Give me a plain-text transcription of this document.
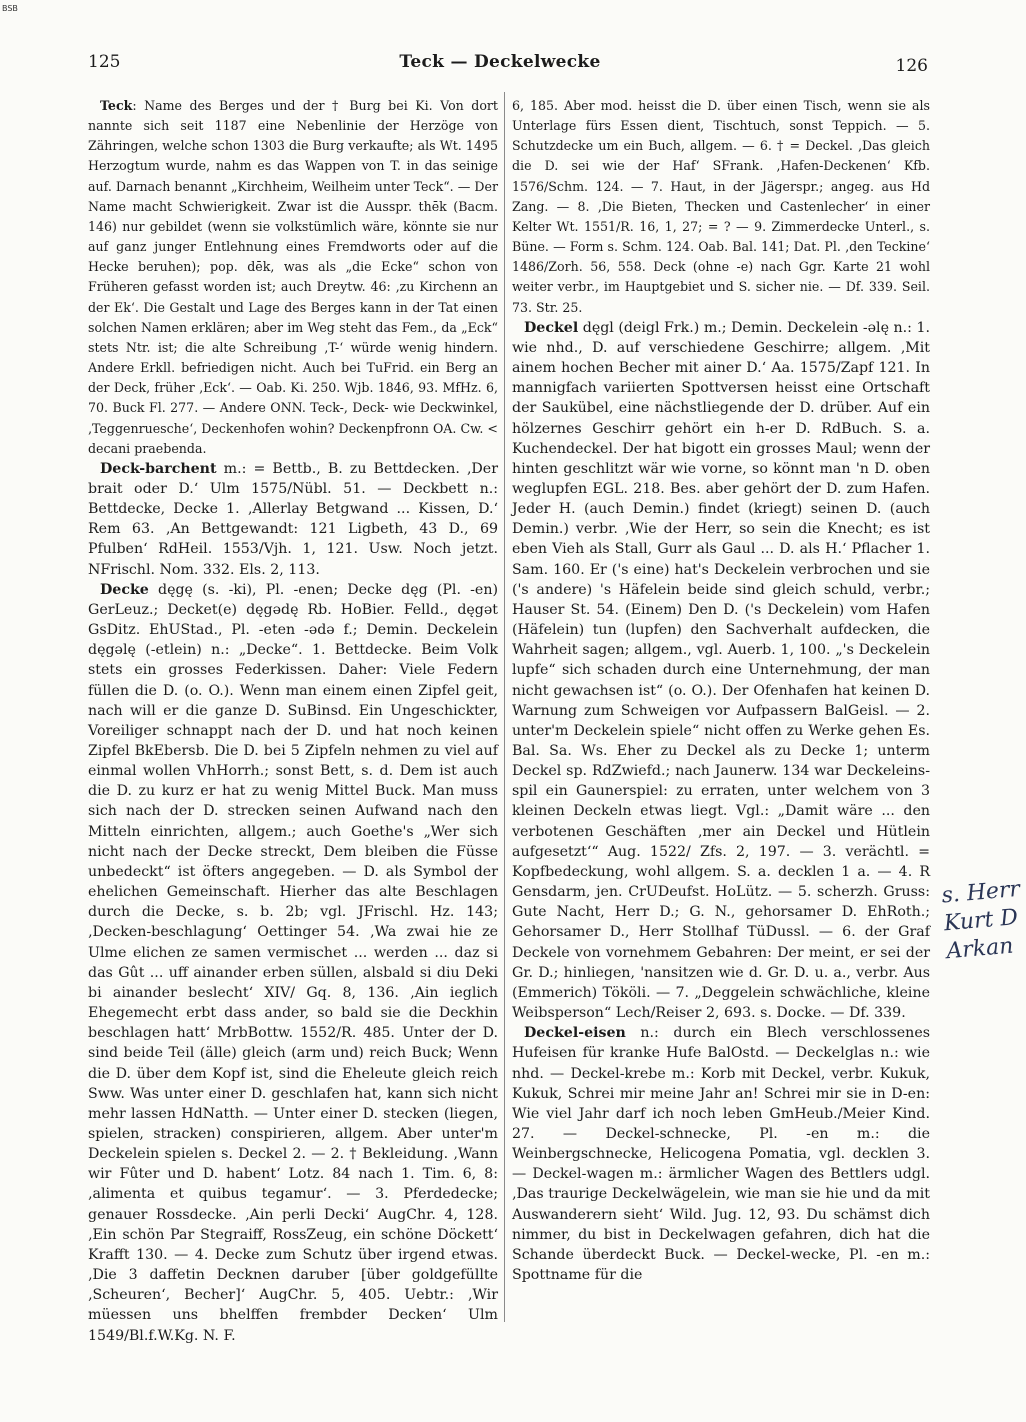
BSB
125	Teck — Deckelwecke	126

Teck: Name des Berges und der † Burg bei Ki. Von dort nannte sich seit 1187 eine Nebenlinie der Herzöge von Zähringen, welche schon 1303 die Burg verkaufte; als Wt. 1495 Herzogtum wurde, nahm es das Wappen von T. in das seinige auf. Darnach benannt „Kirchheim, Weilheim unter Teck“. — Der Name macht Schwierigkeit. Zwar ist die Ausspr. thēk (Bacm. 146) nur gebildet (wenn sie volkstümlich wäre, könnte sie nur auf ganz junger Entlehnung eines Fremdworts oder auf die Hecke beruhen); pop. dēk, was als „die Ecke“ schon von Früheren gefasst worden ist; auch Dreytw. 46: ‚zu Kirchenn an der Ek‘. Die Gestalt und Lage des Berges kann in der Tat einen solchen Namen erklären; aber im Weg steht das Fem., da „Eck“ stets Ntr. ist; die alte Schreibung ‚T-‘ würde wenig hindern. Andere Erkll. befriedigen nicht. Auch bei TuFrid. ein Berg an der Deck, früher ‚Eck‘. — Oab. Ki. 250. Wjb. 1846, 93. MfHz. 6, 70. Buck Fl. 277. — Andere ONN. Teck-, Deck- wie Deckwinkel, ‚Teggenruesche‘, Deckenhofen wohin? Deckenpfronn OA. Cw. < decani praebenda.

Deck-barchent m.: = Bettb., B. zu Bettdecken. ‚Der brait oder D.‘ Ulm 1575/Nübl. 51. — Deckbett n.: Bettdecke, Decke 1. ‚Allerlay Betgwand ... Kissen, D.‘ Rem 63. ‚An Bettgewandt: 121 Ligbeth, 43 D., 69 Pfulben‘ RdHeil. 1553/Vjh. 1, 121. Usw. Noch jetzt. NFrischl. Nom. 332. Els. 2, 113.

Decke dęgę (s. -ki), Pl. -enen; Decke dęg (Pl. -en) GerLeuz.; Decket(e) dęgədę Rb. HoBier. Felld., dęgət GsDitz. EhUStad., Pl. -eten -ədə f.; Demin. Deckelein dęgəlę (-etlein) n.: „Decke“. 1. Bettdecke. Beim Volk stets ein grosses Federkissen. Daher: Viele Federn füllen die D. (o. O.). Wenn man einem einen Zipfel geit, nach will er die ganze D. SuBinsd. Ein Ungeschickter, Voreiliger schnappt nach der D. und hat noch keinen Zipfel BkEbersb. Die D. bei 5 Zipfeln nehmen zu viel auf einmal wollen VhHorrh.; sonst Bett, s. d. Dem ist auch die D. zu kurz er hat zu wenig Mittel Buck. Man muss sich nach der D. strecken seinen Aufwand nach den Mitteln einrichten, allgem.; auch Goethe's „Wer sich nicht nach der Decke streckt, Dem bleiben die Füsse unbedeckt“ ist öfters angegeben. — D. als Symbol der ehelichen Gemeinschaft. Hierher das alte Beschlagen durch die Decke, s. b. 2b; vgl. JFrischl. Hz. 143; ‚Decken-beschlagung‘ Oettinger 54. ‚Wa zwai hie ze Ulme elichen ze samen vermischet ... werden ... daz si das Gût ... uff ainander erben süllen, alsbald si diu Deki bi ainander beslecht‘ XIV/ Gq. 8, 136. ‚Ain ieglich Ehegemecht erbt dass ander, so bald sie die Deckhin beschlagen hatt‘ MrbBottw. 1552/R. 485. Unter der D. sind beide Teil (älle) gleich (arm und) reich Buck; Wenn die D. über dem Kopf ist, sind die Eheleute gleich reich Sww. Was unter einer D. geschlafen hat, kann sich nicht mehr lassen HdNatth. — Unter einer D. stecken (liegen, spielen, stracken) conspirieren, allgem. Aber unter'm Deckelein spielen s. Deckel 2. — 2. † Bekleidung. ‚Wann wir Fûter und D. habent‘ Lotz. 84 nach 1. Tim. 6, 8: ‚alimenta et quibus tegamur‘. — 3. Pferdedecke; genauer Rossdecke. ‚Ain perli Decki‘ AugChr. 4, 128. ‚Ein schön Par Stegraiff, RossZeug, ein schöne Döckett‘ Krafft 130. — 4. Decke zum Schutz über irgend etwas. ‚Die 3 daffetin Decknen daruber [über goldgefüllte ‚Scheuren‘, Becher]‘ AugChr. 5, 405. Uebtr.: ‚Wir müessen uns bhelffen frembder Decken‘ Ulm 1549/Bl.f.W.Kg. N. F.

6, 185. Aber mod. heisst die D. über einen Tisch, wenn sie als Unterlage fürs Essen dient, Tischtuch, sonst Teppich. — 5. Schutzdecke um ein Buch, allgem. — 6. † = Deckel. ‚Das gleich die D. sei wie der Haf‘ SFrank. ‚Hafen-Deckenen‘ Kfb. 1576/Schm. 124. — 7. Haut, in der Jägerspr.; angeg. aus Hd Zang. — 8. ‚Die Bieten, Thecken und Castenlecher‘ in einer Kelter Wt. 1551/R. 16, 1, 27; = ? — 9. Zimmerdecke Unterl., s. Büne. — Form s. Schm. 124. Oab. Bal. 141; Dat. Pl. ‚den Teckine‘ 1486/Zorh. 56, 558. Deck (ohne -e) nach Ggr. Karte 21 wohl weiter verbr., im Hauptgebiet und S. sicher nie. — Df. 339. Seil. 73. Str. 25.

Deckel dęgl (deigl Frk.) m.; Demin. Deckelein -əlę n.: 1. wie nhd., D. auf verschiedene Geschirre; allgem. ‚Mit ainem hochen Becher mit ainer D.‘ Aa. 1575/Zapf 121. In mannigfach variierten Spottversen heisst eine Ortschaft der Saukübel, eine nächstliegende der D. drüber. Auf ein hölzernes Geschirr gehört ein h-er D. RdBuch. S. a. Kuchendeckel. Der hat bigott ein grosses Maul; wenn der hinten geschlitzt wär wie vorne, so könnt man 'n D. oben weglupfen EGL. 218. Bes. aber gehört der D. zum Hafen. Jeder H. (auch Demin.) findet (kriegt) seinen D. (auch Demin.) verbr. ‚Wie der Herr, so sein die Knecht; es ist eben Vieh als Stall, Gurr als Gaul ... D. als H.‘ Pflacher 1. Sam. 160. Er ('s eine) hat's Deckelein verbrochen und sie ('s andere) 's Häfelein beide sind gleich schuld, verbr.; Hauser St. 54. (Einem) Den D. ('s Deckelein) vom Hafen (Häfelein) tun (lupfen) den Sachverhalt aufdecken, die Wahrheit sagen; allgem., vgl. Auerb. 1, 100. „'s Deckelein lupfe“ sich schaden durch eine Unternehmung, der man nicht gewachsen ist“ (o. O.). Der Ofenhafen hat keinen D. Warnung zum Schweigen vor Aufpassern BalGeisl. — 2. unter'm Deckelein spiele“ nicht offen zu Werke gehen Es. Bal. Sa. Ws. Eher zu Deckel als zu Decke 1; unterm Deckel sp. RdZwiefd.; nach Jaunerw. 134 war Deckeleins-spil ein Gaunerspiel: zu erraten, unter welchem von 3 kleinen Deckeln etwas liegt. Vgl.: „Damit wäre ... den verbotenen Geschäften ‚mer ain Deckel und Hütlein aufgesetzt‘“ Aug. 1522/ Zfs. 2, 197. — 3. verächtl. = Kopfbedeckung, wohl allgem. S. a. decklen 1 a. — 4. R Gensdarm, jen. CrUDeufst. HoLütz. — 5. scherzh. Gruss: Gute Nacht, Herr D.; G. N., gehorsamer D. EhRoth.; Gehorsamer D., Herr Stollhaf TüDussl. — 6. der Graf Deckele von vornehmem Gebahren: Der meint, er sei der Gr. D.; hinliegen, 'nansitzen wie d. Gr. D. u. a., verbr. Aus (Emmerich) Tököli. — 7. „Deggelein schwächliche, kleine Weibsperson“ Lech/Reiser 2, 693. s. Docke. — Df. 339.

Deckel-eisen n.: durch ein Blech verschlossenes Hufeisen für kranke Hufe BalOstd. — Deckelglas n.: wie nhd. — Deckel-krebe m.: Korb mit Deckel, verbr. Kukuk, Kukuk, Schrei mir meine Jahr an! Schrei mir sie in D-en: Wie viel Jahr darf ich noch leben GmHeub./Meier Kind. 27. — Deckel-schnecke, Pl. -en m.: die Weinbergschnecke, Helicogena Pomatia, vgl. decklen 3. — Deckel-wagen m.: ärmlicher Wagen des Bettlers udgl. ‚Das traurige Deckelwägelein, wie man sie hie und da mit Auswanderern sieht‘ Wild. Jug. 12, 93. Du schämst dich nimmer, du bist in Deckelwagen gefahren, dich hat die Schande überdeckt Buck. — Deckel-wecke, Pl. -en m.: Spottname für die

s. Herr
Kurt D
Arkan
